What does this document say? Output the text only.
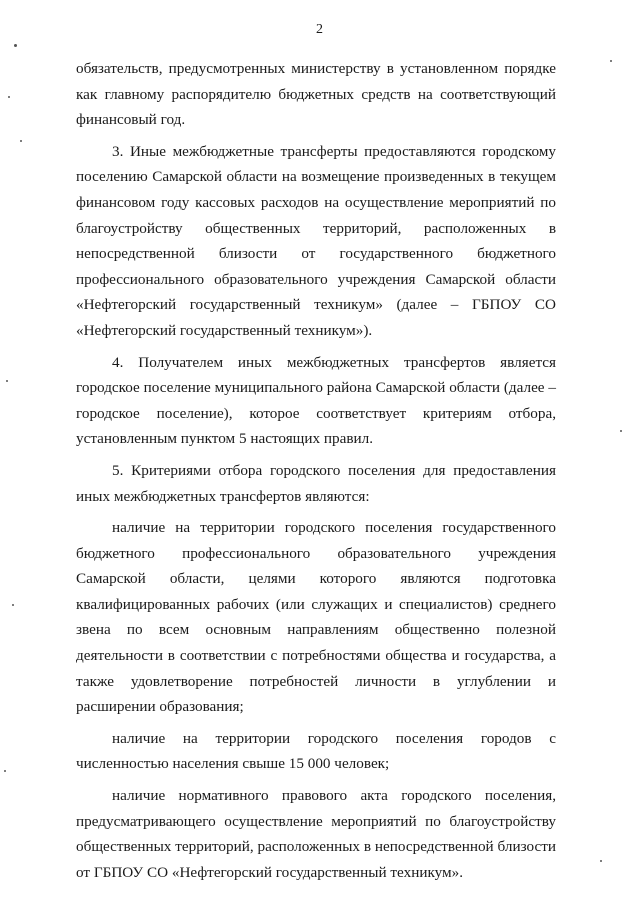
2

обязательств, предусмотренных министерству в установленном порядке как главному распорядителю бюджетных средств на соответствующий финансовый год.

3. Иные межбюджетные трансферты предоставляются городскому поселению Самарской области на возмещение произведенных в текущем финансовом году кассовых расходов на осуществление мероприятий по благоустройству общественных территорий, расположенных в непосредственной близости от государственного бюджетного профессионального образовательного учреждения Самарской области «Нефтегорский государственный техникум» (далее – ГБПОУ СО «Нефтегорский государственный техникум»).

4. Получателем иных межбюджетных трансфертов является городское поселение муниципального района Самарской области (далее – городское поселение), которое соответствует критериям отбора, установленным пунктом 5 настоящих правил.

5. Критериями отбора городского поселения для предоставления иных межбюджетных трансфертов являются:

наличие на территории городского поселения государственного бюджетного профессионального образовательного учреждения Самарской области, целями которого являются подготовка квалифицированных рабочих (или служащих и специалистов) среднего звена по всем основным направлениям общественно полезной деятельности в соответствии с потребностями общества и государства, а также удовлетворение потребностей личности в углублении и расширении образования;

наличие на территории городского поселения городов с численностью населения свыше 15 000 человек;

наличие нормативного правового акта городского поселения, предусматривающего осуществление мероприятий по благоустройству общественных территорий, расположенных в непосредственной близости от ГБПОУ СО «Нефтегорский государственный техникум».
